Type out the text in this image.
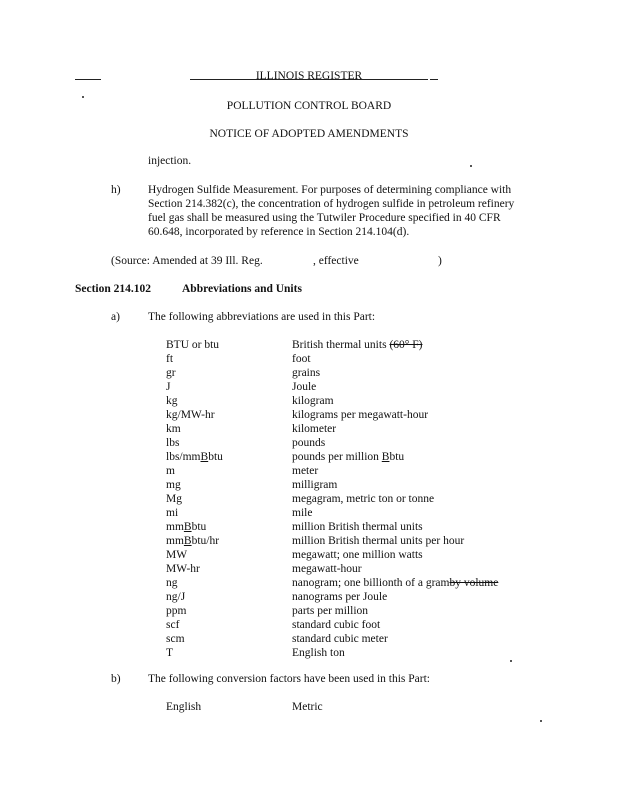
ILLINOIS REGISTER
POLLUTION CONTROL BOARD
NOTICE OF ADOPTED AMENDMENTS
injection.
h) Hydrogen Sulfide Measurement. For purposes of determining compliance with
Section 214.382(c), the concentration of hydrogen sulfide in petroleum refinery
fuel gas shall be measured using the Tutwiler Procedure specified in 40 CFR
60.648, incorporated by reference in Section 214.104(d).
(Source: Amended at 39 Ill. Reg.	, effective	)
Section 214.102	Abbreviations and Units
a) The following abbreviations are used in this Part:
BTU or btu	British thermal units (60° F)
ft	foot
gr	grains
J	Joule
kg	kilogram
kg/MW-hr	kilograms per megawatt-hour
km	kilometer
lbs	pounds
lbs/mmBbtu	pounds per million Bbtu
m	meter
mg	milligram
Mg	megagram, metric ton or tonne
mi	mile
mmBbtu	million British thermal units
mmBbtu/hr	million British thermal units per hour
MW	megawatt; one million watts
MW-hr	megawatt-hour
ng	nanogram; one billionth of a gramby volume
ng/J	nanograms per Joule
ppm	parts per million
scf	standard cubic foot
scm	standard cubic meter
T	English ton
b) The following conversion factors have been used in this Part:
English	Metric
